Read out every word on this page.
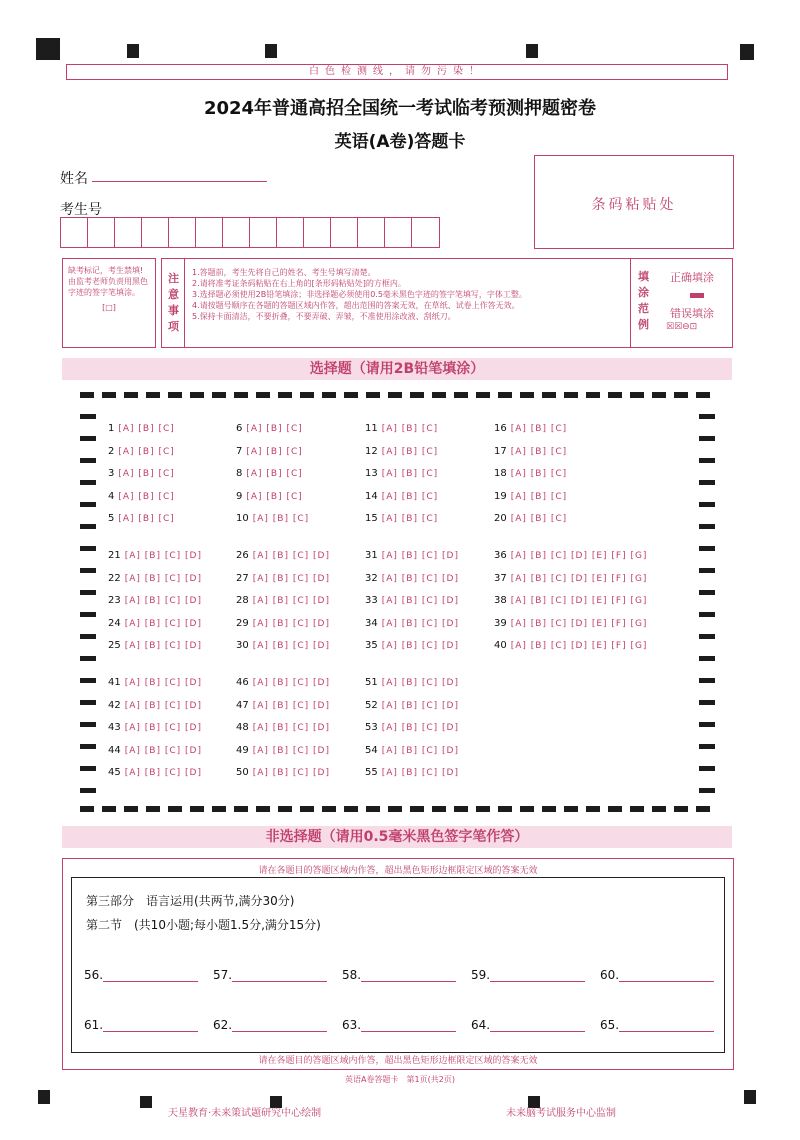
白色检测线，请勿污染！
2024年普通高招全国统一考试临考预测押题密卷
英语(A卷)答题卡
姓名
考生号	条码粘贴处
缺考标记，考生禁填!由监考老师负责用黑色字迹的签字笔填涂。
[□]
注意事项
1.答题前，考生先将自己的姓名、考生号填写清楚。
2.请将准考证条码粘贴在右上角的[条形码粘贴处]的方框内。
3.选择题必须使用2B铅笔填涂；非选择题必须使用0.5毫米黑色字迹的签字笔填写，字体工整。
4.请按题号顺序在各题的答题区域内作答，超出范围的答案无效，在草纸、试卷上作答无效。
5.保持卡面清洁，不要折叠，不要弄破、弄皱，不准使用涂改液、刮纸刀。
填涂范例
正确填涂
错误填涂
☒☒⊖⊡
选择题（请用2B铅笔填涂）
1 [A] [B] [C]
2 [A] [B] [C]
3 [A] [B] [C]
4 [A] [B] [C]
5 [A] [B] [C]
6 [A] [B] [C]
7 [A] [B] [C]
8 [A] [B] [C]
9 [A] [B] [C]
10 [A] [B] [C]
11 [A] [B] [C]
12 [A] [B] [C]
13 [A] [B] [C]
14 [A] [B] [C]
15 [A] [B] [C]
16 [A] [B] [C]
17 [A] [B] [C]
18 [A] [B] [C]
19 [A] [B] [C]
20 [A] [B] [C]
21 [A] [B] [C] [D]
22 [A] [B] [C] [D]
23 [A] [B] [C] [D]
24 [A] [B] [C] [D]
25 [A] [B] [C] [D]
26 [A] [B] [C] [D]
27 [A] [B] [C] [D]
28 [A] [B] [C] [D]
29 [A] [B] [C] [D]
30 [A] [B] [C] [D]
31 [A] [B] [C] [D]
32 [A] [B] [C] [D]
33 [A] [B] [C] [D]
34 [A] [B] [C] [D]
35 [A] [B] [C] [D]
36 [A] [B] [C] [D] [E] [F] [G]
37 [A] [B] [C] [D] [E] [F] [G]
38 [A] [B] [C] [D] [E] [F] [G]
39 [A] [B] [C] [D] [E] [F] [G]
40 [A] [B] [C] [D] [E] [F] [G]
41 [A] [B] [C] [D]
42 [A] [B] [C] [D]
43 [A] [B] [C] [D]
44 [A] [B] [C] [D]
45 [A] [B] [C] [D]
46 [A] [B] [C] [D]
47 [A] [B] [C] [D]
48 [A] [B] [C] [D]
49 [A] [B] [C] [D]
50 [A] [B] [C] [D]
51 [A] [B] [C] [D]
52 [A] [B] [C] [D]
53 [A] [B] [C] [D]
54 [A] [B] [C] [D]
55 [A] [B] [C] [D]
非选择题（请用0.5毫米黑色签字笔作答）
请在各题目的答题区域内作答，超出黑色矩形边框限定区域的答案无效
第三部分　语言运用(共两节,满分30分)
第二节　(共10小题;每小题1.5分,满分15分)
56.	57.	58.	59.	60.
61.	62.	63.	64.	65.
请在各题目的答题区域内作答，超出黑色矩形边框限定区域的答案无效
英语A卷答题卡　第1页(共2页)
天星教育·未来策试题研究中心绘制	未来脑考试服务中心监制
